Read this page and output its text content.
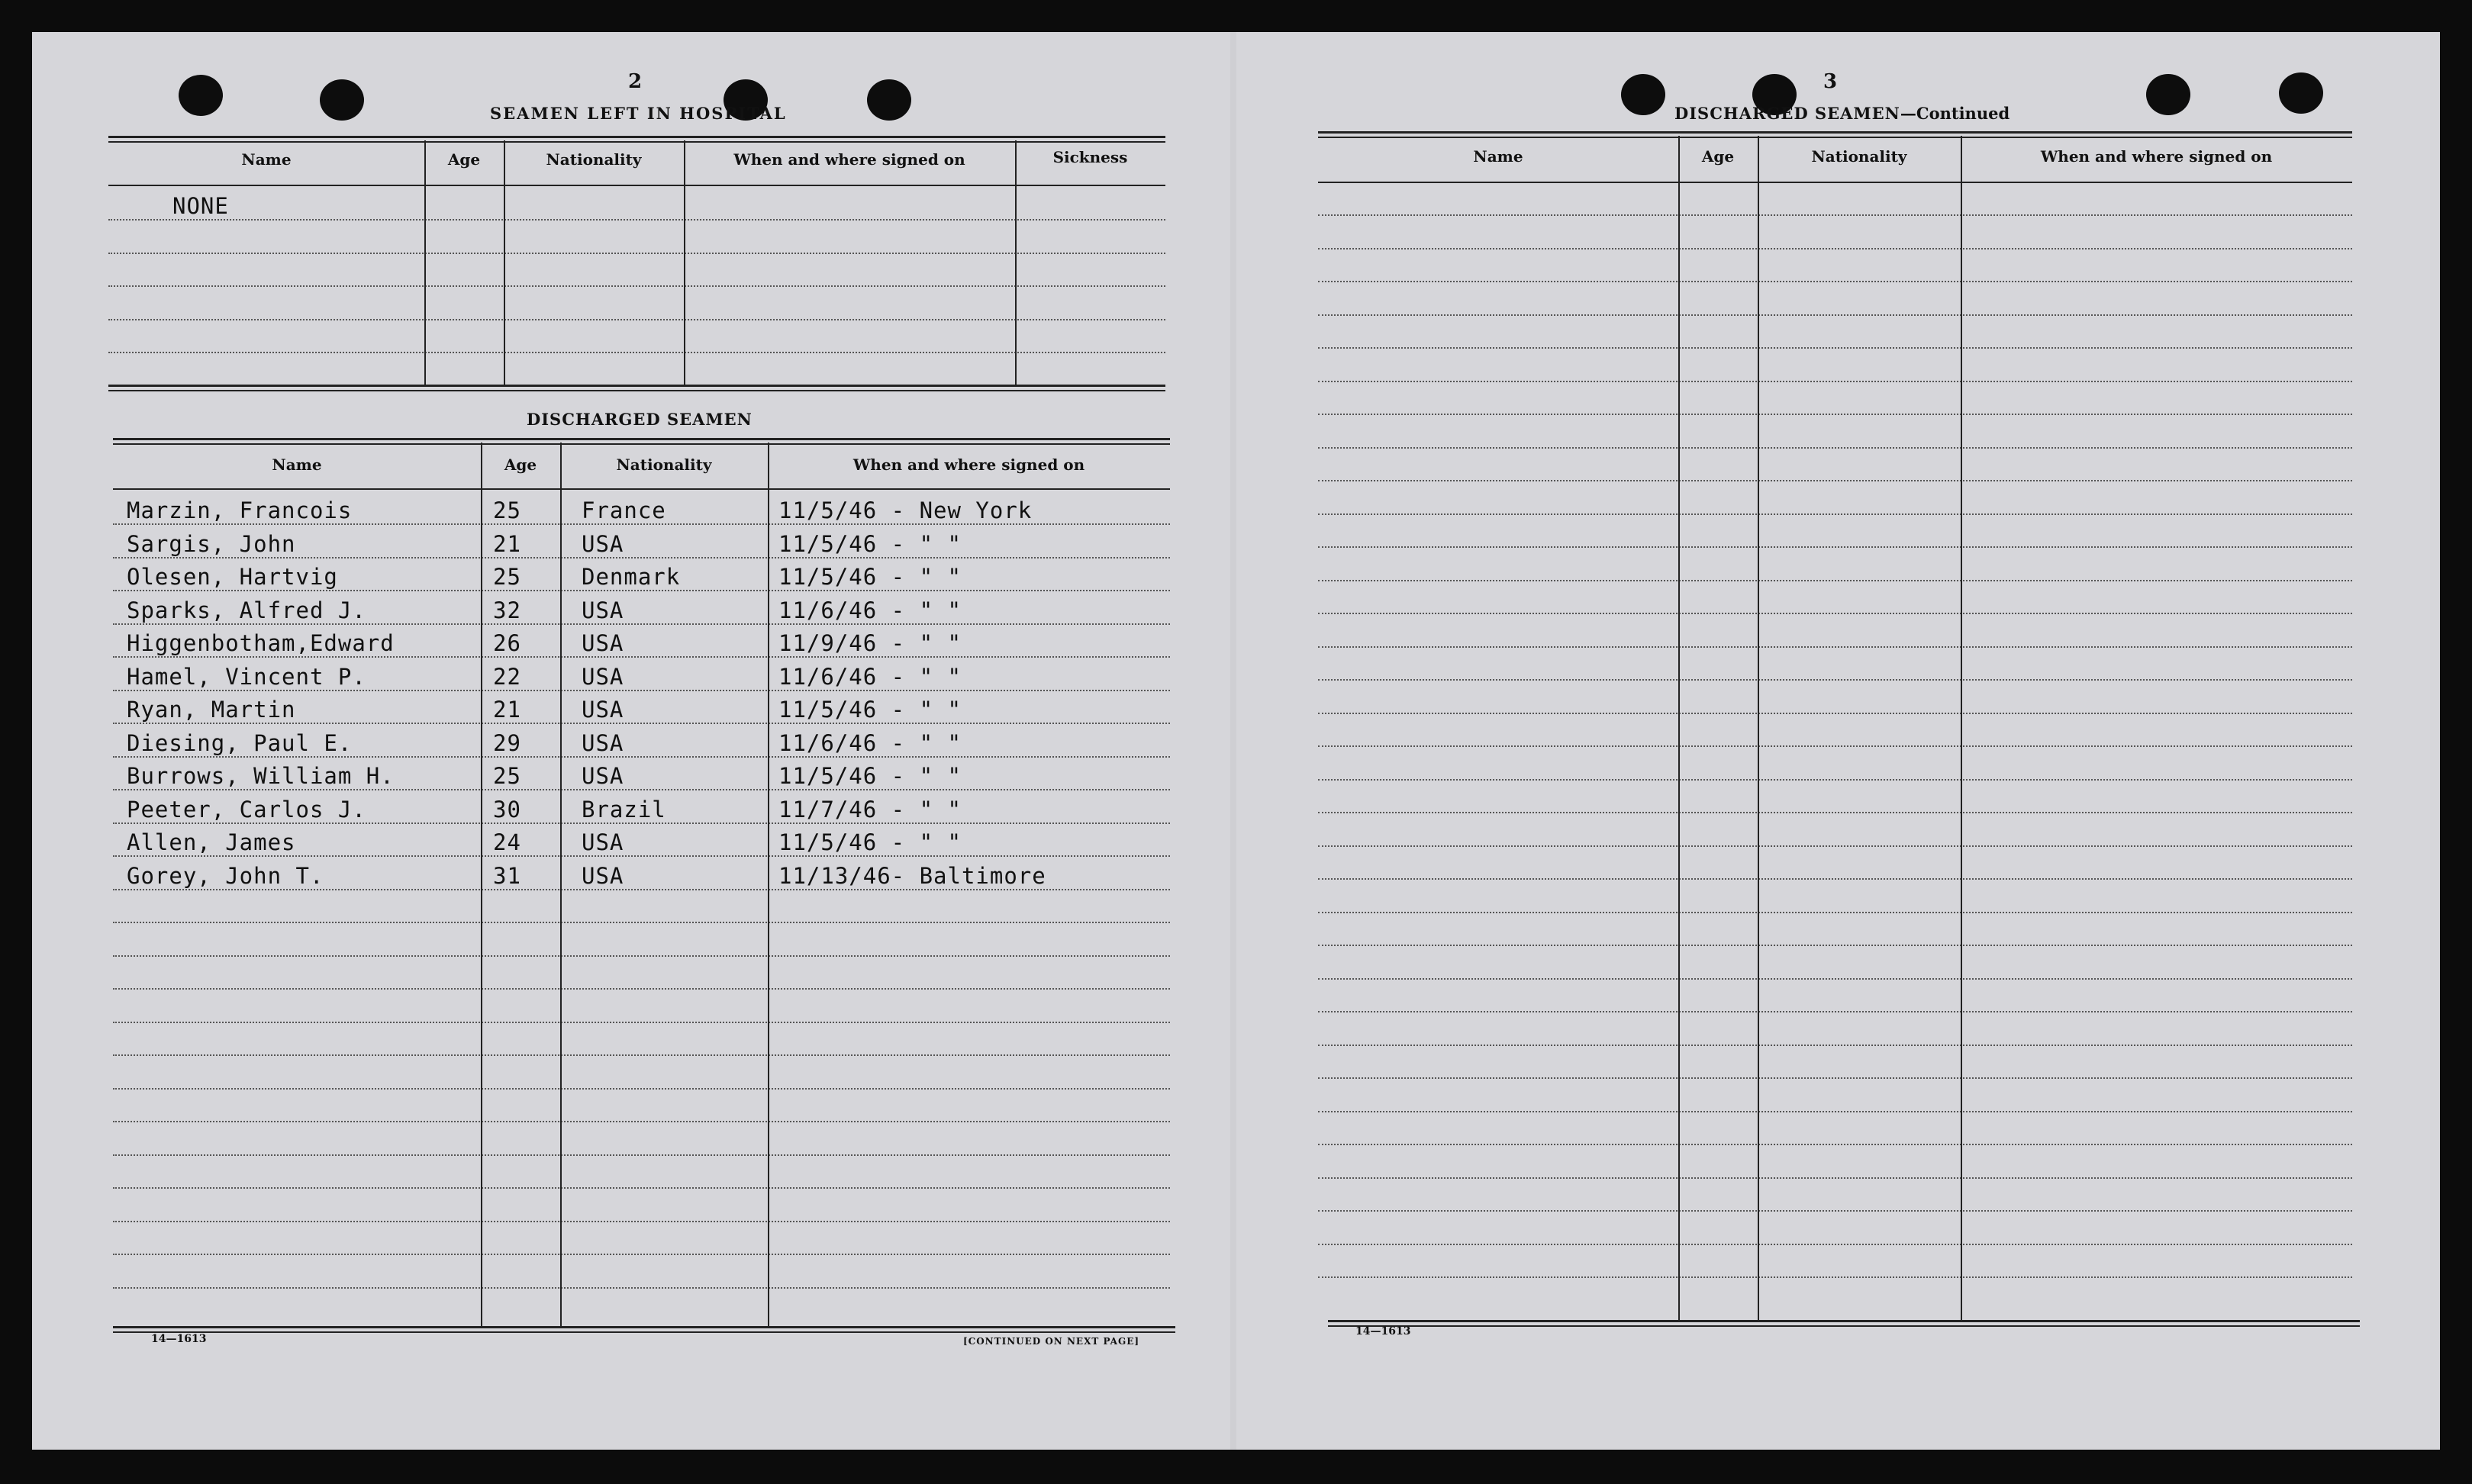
2
SEAMEN LEFT IN HOSPITAL
Name	Age	Nationality	When and where signed on	Sickness
NONE
DISCHARGED SEAMEN
Name	Age	Nationality	When and where signed on
Marzin, Francois	25	France	11/5/46 - New York
Sargis, John	21	USA	11/5/46 - " "
Olesen, Hartvig	25	Denmark	11/5/46 - " "
Sparks, Alfred J.	32	USA	11/6/46 - " "
Higgenbotham,Edward	26	USA	11/9/46 - " "
Hamel, Vincent P.	22	USA	11/6/46 - " "
Ryan, Martin	21	USA	11/5/46 - " "
Diesing, Paul E.	29	USA	11/6/46 - " "
Burrows, William H.	25	USA	11/5/46 - " "
Peeter, Carlos J.	30	Brazil	11/7/46 - " "
Allen, James	24	USA	11/5/46 - " "
Gorey, John T.	31	USA	11/13/46- Baltimore
14—1613	[CONTINUED ON NEXT PAGE]
3
DISCHARGED SEAMEN—Continued
Name	Age	Nationality	When and where signed on
14—1613
